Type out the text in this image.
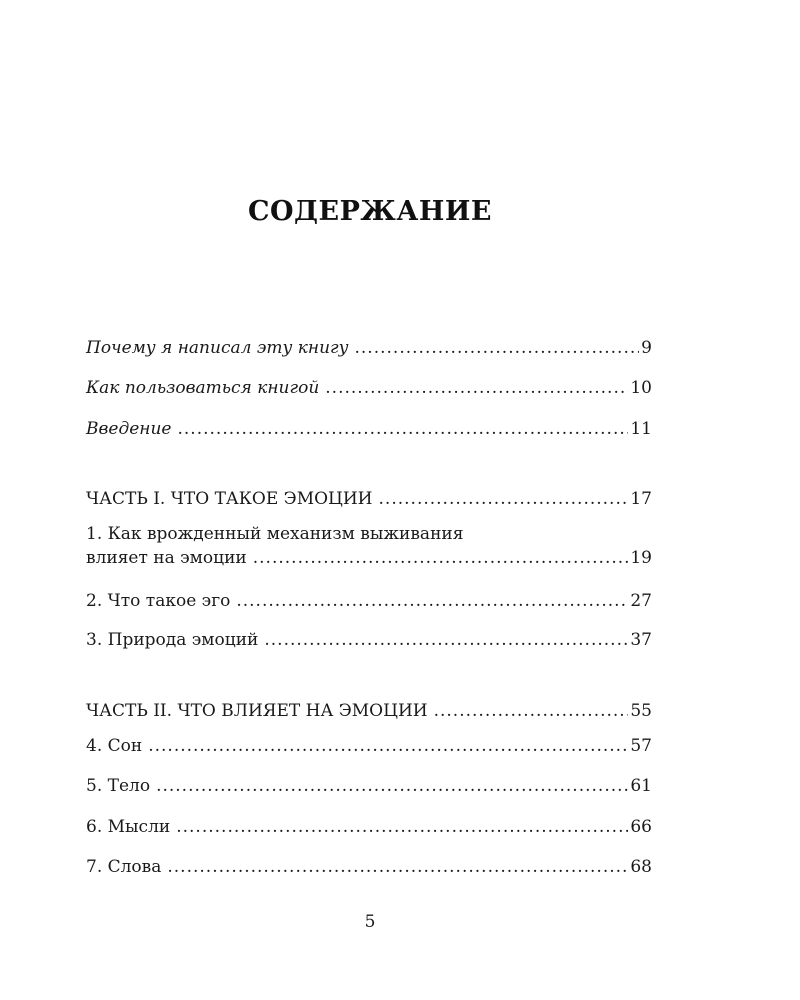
СОДЕРЖАНИЕ
Почему я написал эту книгу .....	9
Как пользоваться книгой .....	10
Введение .....	11
ЧАСТЬ I. ЧТО ТАКОЕ ЭМОЦИИ .....	17
1. Как врожденный механизм выживания
влияет на эмоции .....	19
2. Что такое эго .....	27
3. Природа эмоций .....	37
ЧАСТЬ II. ЧТО ВЛИЯЕТ НА ЭМОЦИИ .....	55
4. Сон .....	57
5. Тело .....	61
6. Мысли .....	66
7. Слова .....	68
5
